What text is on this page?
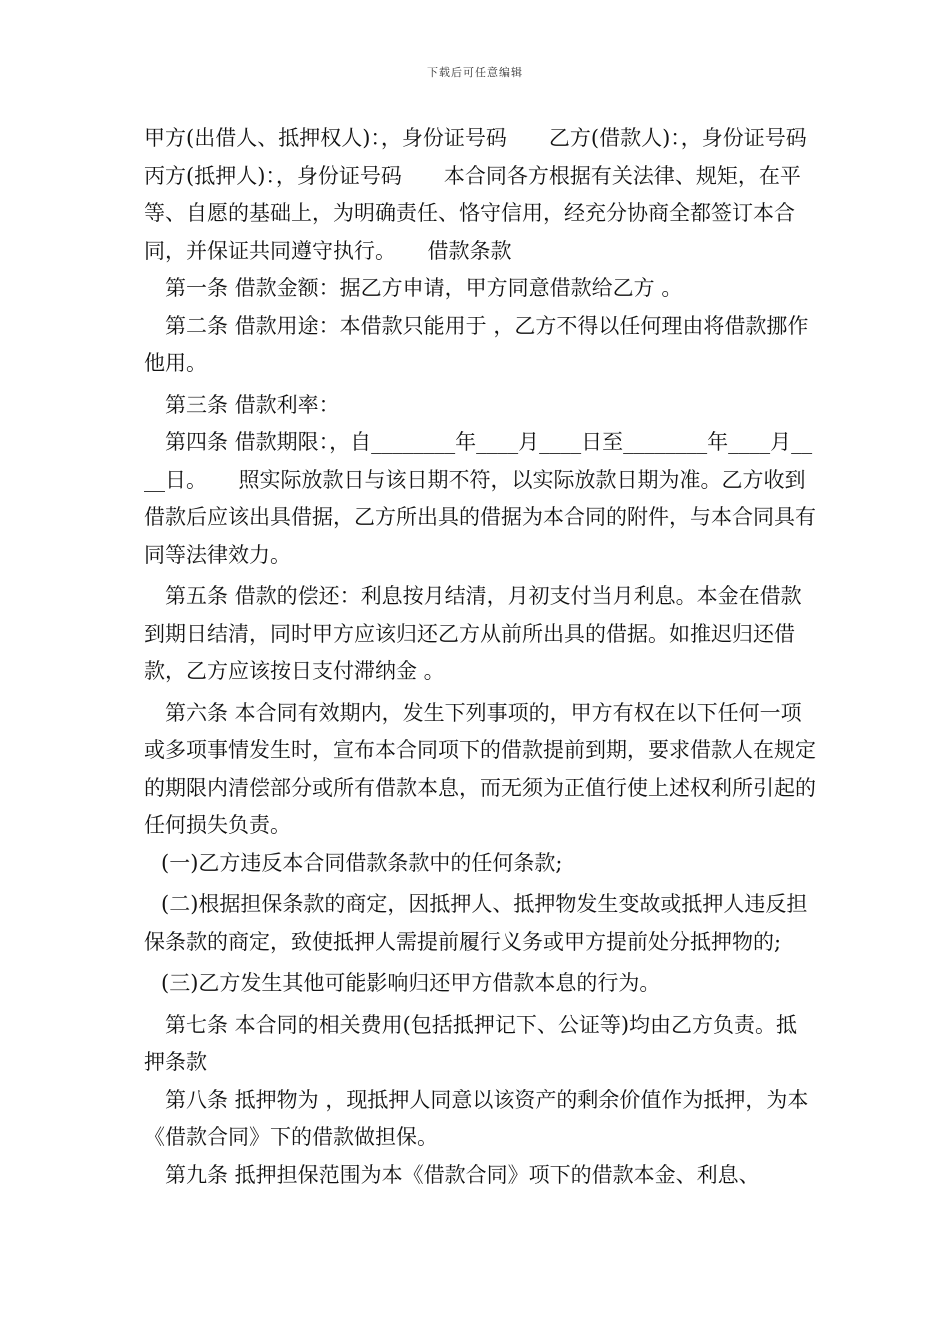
下载后可任意编辑

甲方(出借人、抵押权人)：，身份证号码　　乙方(借款人)：，身份证号码　　丙方(抵押人)：，身份证号码　　本合同各方根据有关法律、规矩，在平等、自愿的基础上，为明确责任、恪守信用，经充分协商全都签订本合同，并保证共同遵守执行。　　借款条款

第一条 借款金额：据乙方申请，甲方同意借款给乙方 。

第二条 借款用途：本借款只能用于 ，乙方不得以任何理由将借款挪作他用。

第三条 借款利率：

第四条 借款期限：，自________年____月____日至________年____月____日。　　照实际放款日与该日期不符，以实际放款日期为准。乙方收到借款后应该出具借据，乙方所出具的借据为本合同的附件，与本合同具有同等法律效力。

第五条 借款的偿还：利息按月结清，月初支付当月利息。本金在借款到期日结清，同时甲方应该归还乙方从前所出具的借据。如推迟归还借款，乙方应该按日支付滞纳金 。

第六条 本合同有效期内，发生下列事项的，甲方有权在以下任何一项或多项事情发生时，宣布本合同项下的借款提前到期，要求借款人在规定的期限内清偿部分或所有借款本息，而无须为正值行使上述权利所引起的任何损失负责。

(一)乙方违反本合同借款条款中的任何条款;

(二)根据担保条款的商定，因抵押人、抵押物发生变故或抵押人违反担保条款的商定，致使抵押人需提前履行义务或甲方提前处分抵押物的;

(三)乙方发生其他可能影响归还甲方借款本息的行为。

第七条 本合同的相关费用(包括抵押记下、公证等)均由乙方负责。抵押条款

第八条 抵押物为 ，现抵押人同意以该资产的剩余价值作为抵押，为本《借款合同》下的借款做担保。

第九条 抵押担保范围为本《借款合同》项下的借款本金、利息、
